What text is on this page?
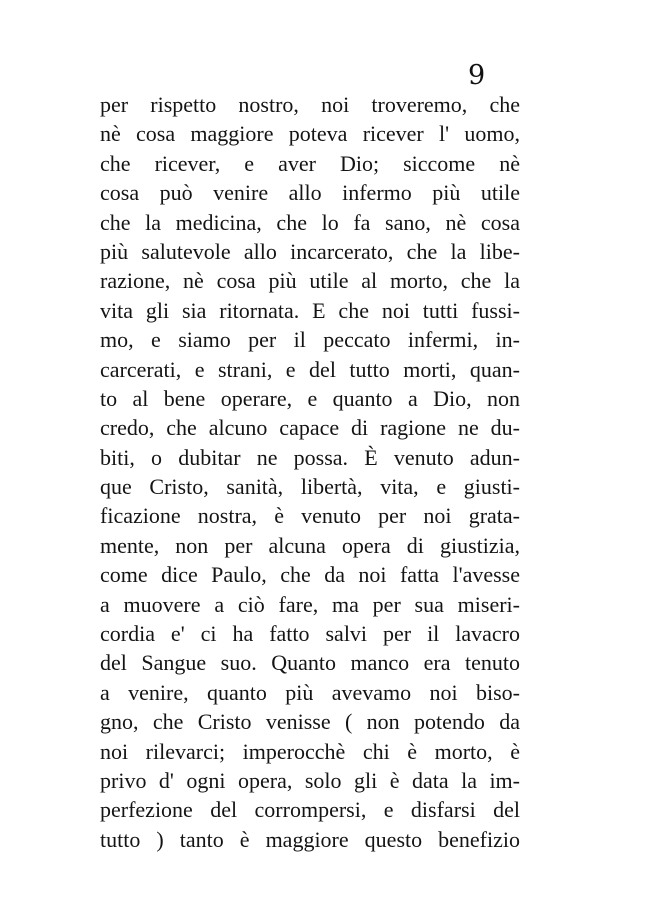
9
per rispetto nostro, noi troveremo, che
nè cosa maggiore poteva ricever l' uomo,
che ricever, e aver Dio; siccome nè
cosa può venire allo infermo più utile
che la medicina, che lo fa sano, nè cosa
più salutevole allo incarcerato, che la libe-
razione, nè cosa più utile al morto, che la
vita gli sia ritornata. E che noi tutti fussi-
mo, e siamo per il peccato infermi, in-
carcerati, e strani, e del tutto morti, quan-
to al bene operare, e quanto a Dio, non
credo, che alcuno capace di ragione ne du-
biti, o dubitar ne possa. È venuto adun-
que Cristo, sanità, libertà, vita, e giusti-
ficazione nostra, è venuto per noi grata-
mente, non per alcuna opera di giustizia,
come dice Paulo, che da noi fatta l'avesse
a muovere a ciò fare, ma per sua miseri-
cordia e' ci ha fatto salvi per il lavacro
del Sangue suo. Quanto manco era tenuto
a venire, quanto più avevamo noi biso-
gno, che Cristo venisse ( non potendo da
noi rilevarci; imperocchè chi è morto, è
privo d' ogni opera, solo gli è data la im-
perfezione del corrompersi, e disfarsi del
tutto ) tanto è maggiore questo benefizio
